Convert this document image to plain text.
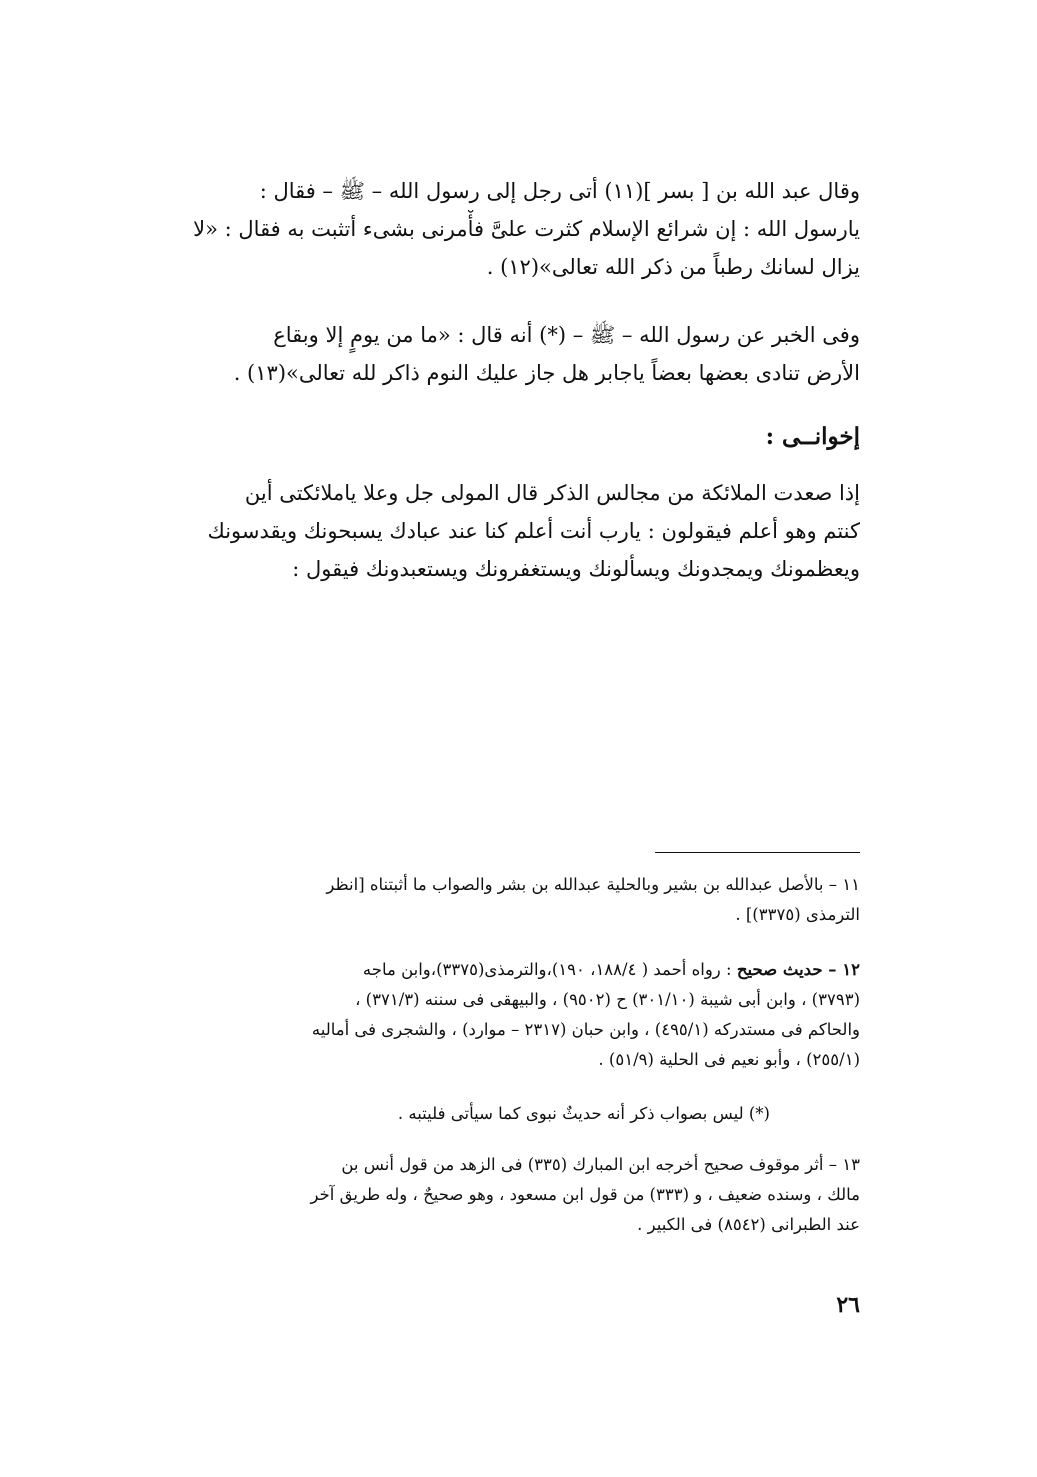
وقال عبد الله بن [ بسر ](١١) أتى رجل إلى رسول الله – ﷺ – فقال :
يارسول الله : إن شرائع الإسلام كثرت علىَّ فأْمرنى بشىء أتثبت به فقال : «لا
يزال لسانك رطباً من ذكر الله تعالى»(١٢) .
وفى الخبر عن رسول الله – ﷺ – (*) أنه قال : «ما من يومٍ إلا وبقاع
الأرض تنادى بعضها بعضاً ياجابر هل جاز عليك النوم ذاكر لله تعالى»(١٣) .
إخوانــى :
إذا صعدت الملائكة من مجالس الذكر قال المولى جل وعلا ياملائكتى أين
كنتم وهو أعلم فيقولون : يارب أنت أعلم كنا عند عبادك يسبحونك ويقدسونك
ويعظمونك ويمجدونك ويسألونك ويستغفرونك ويستعبدونك فيقول :
١١ – بالأصل عبدالله بن بشير وبالحلية عبدالله بن بشر والصواب ما أثبتناه [انظر
الترمذى (٣٣٧٥)] .
١٢ – حديث صحيح : رواه أحمد ( ١٨٨/٤، ١٩٠)،والترمذى(٣٣٧٥)،وابن ماجه
(٣٧٩٣) ، وابن أبى شيبة (٣٠١/١٠) ح (٩٥٠٢) ، والبيهقى فى سننه (٣٧١/٣) ،
والحاكم فى مستدركه (٤٩٥/١) ، وابن حبان (٢٣١٧ – موارد) ، والشجرى فى أماليه
(٢٥٥/١) ، وأبو نعيم فى الحلية (٥١/٩) .
(*) ليس بصواب ذكر أنه حديثٌ نبوى كما سيأتى فليتبه .
١٣ – أثر موقوف صحيح أخرجه ابن المبارك (٣٣٥) فى الزهد من قول أنس بن
مالك ، وسنده ضعيف ، و (٣٣٣) من قول ابن مسعود ، وهو صحيحٌ ، وله طريق آخر
عند الطبرانى (٨٥٤٢) فى الكبير .
٢٦
